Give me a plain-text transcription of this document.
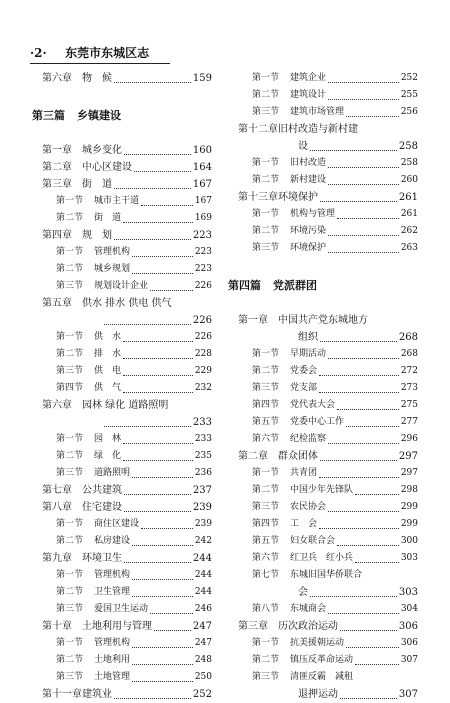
·2· 东莞市东城区志
第六章 物　候	159
第三篇 乡镇建设
第一章 城乡变化	160
第二章 中心区建设	164
第三章 街　道	167
第一节 城市主干道	167
第二节 街　道	169
第四章 规　划	223
第一节 管理机构	223
第二节 城乡规划	223
第三节 规划设计企业	226
第五章 供水 排水 供电 供气
226
第一节 供　水	226
第二节 排　水	228
第三节 供　电	229
第四节 供　气	232
第六章 园林 绿化 道路照明
233
第一节 园　林	233
第二节 绿　化	235
第三节 道路照明	236
第七章 公共建筑	237
第八章 住宅建设	239
第一节 商住区建设	239
第二节 私房建设	242
第九章 环境卫生	244
第一节 管理机构	244
第二节 卫生管理	244
第三节 爱国卫生运动	246
第十章 土地利用与管理	247
第一节 管理机构	247
第二节 土地利用	248
第三节 土地管理	250
第十一章 建筑业	252
第一节 建筑企业	252
第二节 建筑设计	255
第三节 建筑市场管理	256
第十二章 旧村改造与新村建
设	258
第一节 旧村改造	258
第二节 新村建设	260
第十三章 环境保护	261
第一节 机构与管理	261
第二节 环境污染	262
第三节 环境保护	263
第四篇 党派群团
第一章 中国共产党东城地方
组织	268
第一节 早期活动	268
第二节 党委会	272
第三节 党支部	273
第四节 党代表大会	275
第五节 党委中心工作	277
第六节 纪检监察	296
第二章 群众团体	297
第一节 共青团	297
第二节 中国少年先锋队	298
第三节 农民协会	299
第四节 工　会	299
第五节 妇女联合会	300
第六节 红卫兵　红小兵	303
第七节 东城旧国华侨联合
会	303
第八节 东城商会	304
第三章 历次政治运动	306
第一节 抗美援朝运动	306
第二节 镇压反革命运动	307
第三节 清匪反霸　减租
退押运动	307
